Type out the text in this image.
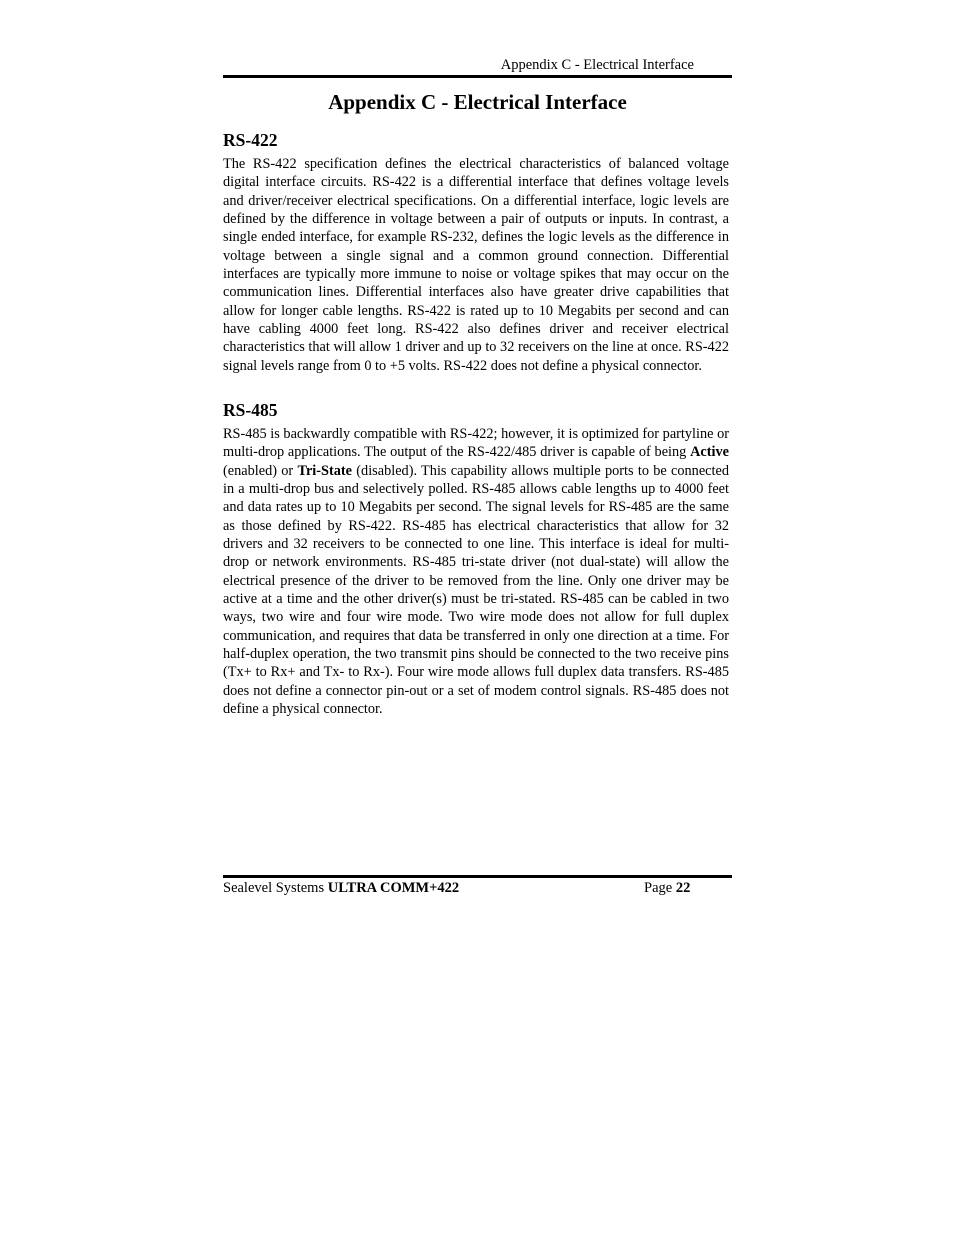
Appendix C - Electrical Interface
Appendix C - Electrical Interface
RS-422

The RS-422 specification defines the electrical characteristics of balanced voltage digital interface circuits. RS-422 is a differential interface that defines voltage levels and driver/receiver electrical specifications. On a differential interface, logic levels are defined by the difference in voltage between a pair of outputs or inputs. In contrast, a single ended interface, for example RS-232, defines the logic levels as the difference in voltage between a single signal and a common ground connection. Differential interfaces are typically more immune to noise or voltage spikes that may occur on the communication lines. Differential interfaces also have greater drive capabilities that allow for longer cable lengths. RS-422 is rated up to 10 Megabits per second and can have cabling 4000 feet long. RS-422 also defines driver and receiver electrical characteristics that will allow 1 driver and up to 32 receivers on the line at once. RS-422 signal levels range from 0 to +5 volts. RS-422 does not define a physical connector.

RS-485

RS-485 is backwardly compatible with RS-422; however, it is optimized for partyline or multi-drop applications. The output of the RS-422/485 driver is capable of being Active (enabled) or Tri-State (disabled). This capability allows multiple ports to be connected in a multi-drop bus and selectively polled. RS-485 allows cable lengths up to 4000 feet and data rates up to 10 Megabits per second. The signal levels for RS-485 are the same as those defined by RS-422. RS-485 has electrical characteristics that allow for 32 drivers and 32 receivers to be connected to one line. This interface is ideal for multi-drop or network environments. RS-485 tri-state driver (not dual-state) will allow the electrical presence of the driver to be removed from the line. Only one driver may be active at a time and the other driver(s) must be tri-stated. RS-485 can be cabled in two ways, two wire and four wire mode. Two wire mode does not allow for full duplex communication, and requires that data be transferred in only one direction at a time. For half-duplex operation, the two transmit pins should be connected to the two receive pins (Tx+ to Rx+ and Tx- to Rx-). Four wire mode allows full duplex data transfers. RS-485 does not define a connector pin-out or a set of modem control signals. RS-485 does not define a physical connector.

Sealevel Systems ULTRA COMM+422	Page 22
